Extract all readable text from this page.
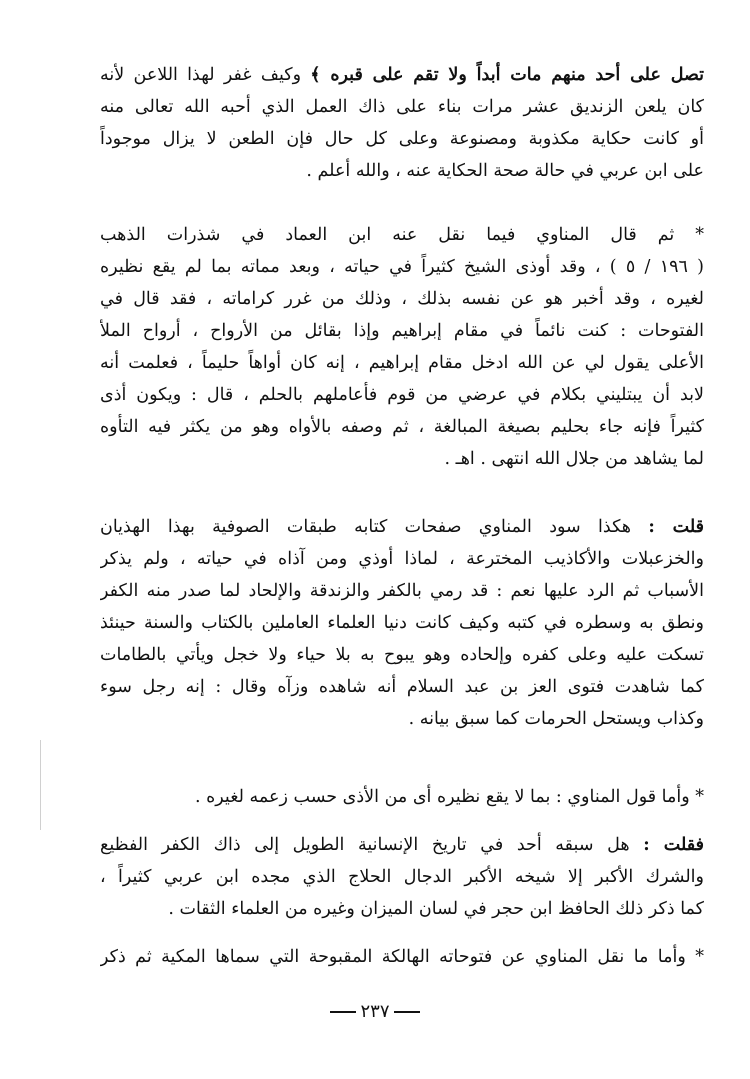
تصل على أحد منهم مات أبداً ولا تقم على قبره ﴾ وكيف غفر لهذا اللاعن لأنه
كان يلعن الزنديق عشر مرات بناء على ذاك العمل الذي أحبه الله تعالى منه
أو كانت حكاية مكذوبة ومصنوعة وعلى كل حال فإن الطعن لا يزال موجوداً
على ابن عربي في حالة صحة الحكاية عنه ، والله أعلم .
* ثم قال المناوي فيما نقل عنه ابن العماد في شذرات الذهب
( ١٩٦ / ٥ ) ، وقد أوذى الشيخ كثيراً في حياته ، وبعد مماته بما لم يقع نظيره
لغيره ، وقد أخبر هو عن نفسه بذلك ، وذلك من غرر كراماته ، فقد قال في
الفتوحات : كنت نائماً في مقام إبراهيم وإذا بقائل من الأرواح ، أرواح الملأ
الأعلى يقول لي عن الله ادخل مقام إبراهيم ، إنه كان أواهاً حليماً ، فعلمت أنه
لابد أن يبتليني بكلام في عرضي من قوم فأعاملهم بالحلم ، قال : ويكون أذى
كثيراً فإنه جاء بحليم بصيغة المبالغة ، ثم وصفه بالأواه وهو من يكثر فيه التأوه
لما يشاهد من جلال الله انتهى . اهـ .
قلت : هكذا سود المناوي صفحات كتابه طبقات الصوفية بهذا الهذيان
والخزعبلات والأكاذيب المخترعة ، لماذا أوذي ومن آذاه في حياته ، ولم يذكر
الأسباب ثم الرد عليها نعم : قد رمي بالكفر والزندقة والإلحاد لما صدر منه الكفر
ونطق به وسطره في كتبه وكيف كانت دنيا العلماء العاملين بالكتاب والسنة حينئذ
تسكت عليه وعلى كفره وإلحاده وهو يبوح به بلا حياء ولا خجل ويأتي بالطامات
كما شاهدت فتوى العز بن عبد السلام أنه شاهده وزآه وقال : إنه رجل سوء
وكذاب ويستحل الحرمات كما سبق بيانه .
* وأما قول المناوي : بما لا يقع نظيره أى من الأذى حسب زعمه لغيره .
فقلت : هل سبقه أحد في تاريخ الإنسانية الطويل إلى ذاك الكفر الفظيع
والشرك الأكبر إلا شيخه الأكبر الدجال الحلاج الذي مجده ابن عربي كثيراً ،
كما ذكر ذلك الحافظ ابن حجر في لسان الميزان وغيره من العلماء الثقات .
* وأما ما نقل المناوي عن فتوحاته الهالكة المقبوحة التي سماها المكية ثم ذكر
٢٣٧
